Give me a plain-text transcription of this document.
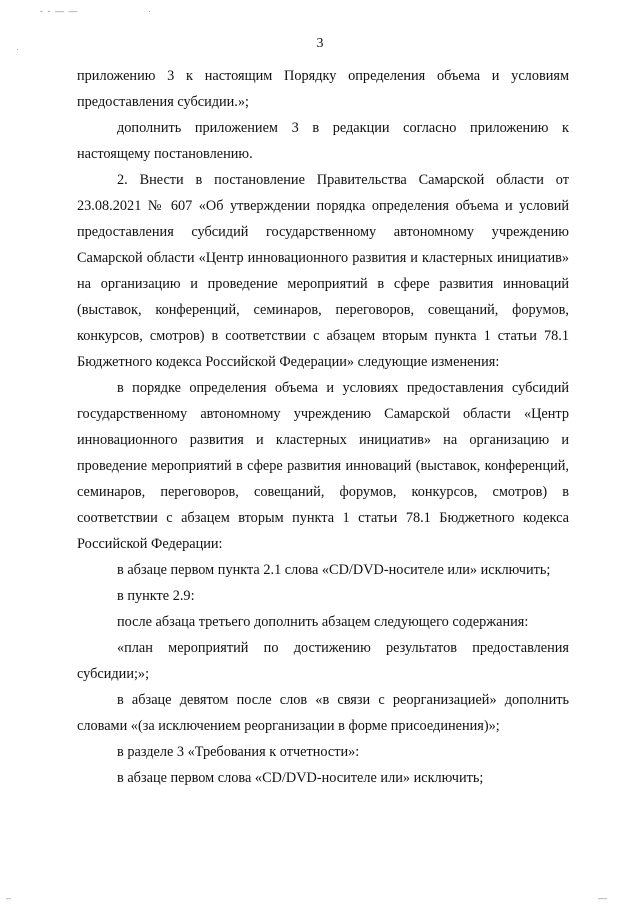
- - — —	·
·
–	—
3

приложению 3 к настоящим Порядку определения объема и условиям предоставления субсидии.»;

дополнить приложением 3 в редакции согласно приложению к настоящему постановлению.

2. Внести в постановление Правительства Самарской области от 23.08.2021 № 607 «Об утверждении порядка определения объема и условий предоставления субсидий государственному автономному учреждению Самарской области «Центр инновационного развития и кластерных инициатив» на организацию и проведение мероприятий в сфере развития инноваций (выставок, конференций, семинаров, переговоров, совещаний, форумов, конкурсов, смотров) в соответствии с абзацем вторым пункта 1 статьи 78.1 Бюджетного кодекса Российской Федерации» следующие изменения:

в порядке определения объема и условиях предоставления субсидий государственному автономному учреждению Самарской области «Центр инновационного развития и кластерных инициатив» на организацию и проведение мероприятий в сфере развития инноваций (выставок, конференций, семинаров, переговоров, совещаний, форумов, конкурсов, смотров) в соответствии с абзацем вторым пункта 1 статьи 78.1 Бюджетного кодекса Российской Федерации:

в абзаце первом пункта 2.1 слова «CD/DVD-носителе или» исключить;

в пункте 2.9:

после абзаца третьего дополнить абзацем следующего содержания:

«план мероприятий по достижению результатов предоставления субсидии;»;

в абзаце девятом после слов «в связи с реорганизацией» дополнить словами «(за исключением реорганизации в форме присоединения)»;

в разделе 3 «Требования к отчетности»:

в абзаце первом слова «CD/DVD-носителе или» исключить;
